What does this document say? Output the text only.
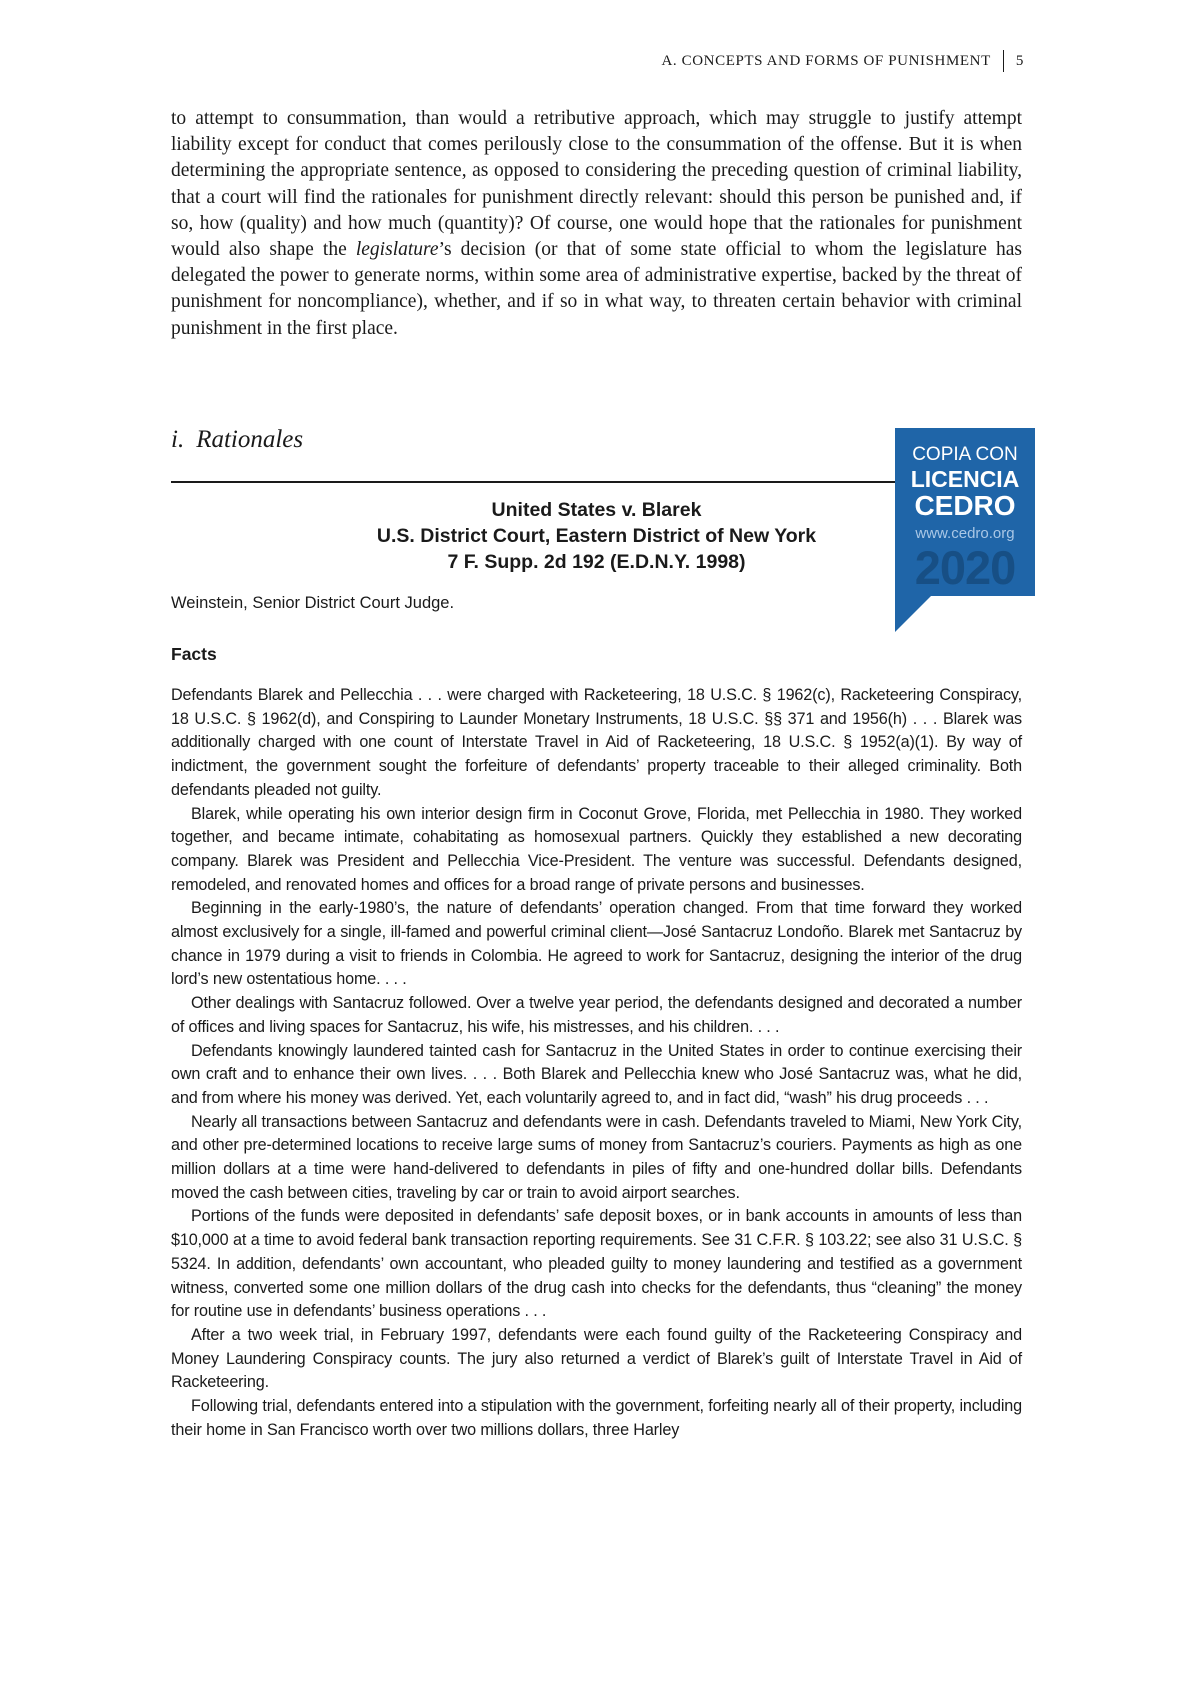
A. CONCEPTS AND FORMS OF PUNISHMENT 5

to attempt to consummation, than would a retributive approach, which may struggle to justify attempt liability except for conduct that comes perilously close to the consummation of the offense. But it is when determining the appropriate sentence, as opposed to considering the preceding question of criminal liability, that a court will find the rationales for punishment directly relevant: should this person be punished and, if so, how (quality) and how much (quantity)? Of course, one would hope that the rationales for punishment would also shape the legislature’s decision (or that of some state official to whom the legislature has delegated the power to generate norms, within some area of administrative expertise, backed by the threat of punishment for noncompliance), whether, and if so in what way, to threaten certain behavior with criminal punishment in the first place.

i. Rationales
United States v. Blarek
U.S. District Court, Eastern District of New York
7 F. Supp. 2d 192 (E.D.N.Y. 1998)
Weinstein, Senior District Court Judge.
Facts

Defendants Blarek and Pellecchia . . . were charged with Racketeering, 18 U.S.C. § 1962(c), Racketeering Conspiracy, 18 U.S.C. § 1962(d), and Conspiring to Launder Monetary Instruments, 18 U.S.C. §§ 371 and 1956(h) . . . Blarek was additionally charged with one count of Interstate Travel in Aid of Racketeering, 18 U.S.C. § 1952(a)(1). By way of indictment, the government sought the forfeiture of defendants’ property traceable to their alleged criminality. Both defendants pleaded not guilty.

Blarek, while operating his own interior design firm in Coconut Grove, Florida, met Pellecchia in 1980. They worked together, and became intimate, cohabitating as homosexual partners. Quickly they established a new decorating company. Blarek was President and Pellecchia Vice-President. The venture was successful. Defendants designed, remodeled, and renovated homes and offices for a broad range of private persons and businesses.

Beginning in the early-1980’s, the nature of defendants’ operation changed. From that time forward they worked almost exclusively for a single, ill-famed and powerful criminal client—José Santacruz Londoño. Blarek met Santacruz by chance in 1979 during a visit to friends in Colombia. He agreed to work for Santacruz, designing the interior of the drug lord’s new ostentatious home. . . .

Other dealings with Santacruz followed. Over a twelve year period, the defendants designed and decorated a number of offices and living spaces for Santacruz, his wife, his mistresses, and his children. . . .

Defendants knowingly laundered tainted cash for Santacruz in the United States in order to continue exercising their own craft and to enhance their own lives. . . . Both Blarek and Pellecchia knew who José Santacruz was, what he did, and from where his money was derived. Yet, each voluntarily agreed to, and in fact did, “wash” his drug proceeds . . .

Nearly all transactions between Santacruz and defendants were in cash. Defendants traveled to Miami, New York City, and other pre-determined locations to receive large sums of money from Santacruz’s couriers. Payments as high as one million dollars at a time were hand-delivered to defendants in piles of fifty and one-hundred dollar bills. Defendants moved the cash between cities, traveling by car or train to avoid airport searches.

Portions of the funds were deposited in defendants’ safe deposit boxes, or in bank accounts in amounts of less than $10,000 at a time to avoid federal bank transaction reporting requirements. See 31 C.F.R. § 103.22; see also 31 U.S.C. § 5324. In addition, defendants’ own accountant, who pleaded guilty to money laundering and testified as a government witness, converted some one million dollars of the drug cash into checks for the defendants, thus “cleaning” the money for routine use in defendants’ business operations . . .

After a two week trial, in February 1997, defendants were each found guilty of the Racketeering Conspiracy and Money Laundering Conspiracy counts. The jury also returned a verdict of Blarek’s guilt of Interstate Travel in Aid of Racketeering.

Following trial, defendants entered into a stipulation with the government, forfeiting nearly all of their property, including their home in San Francisco worth over two millions dollars, three Harley

COPIA CON
LICENCIA
CEDRO
www.cedro.org
2020
